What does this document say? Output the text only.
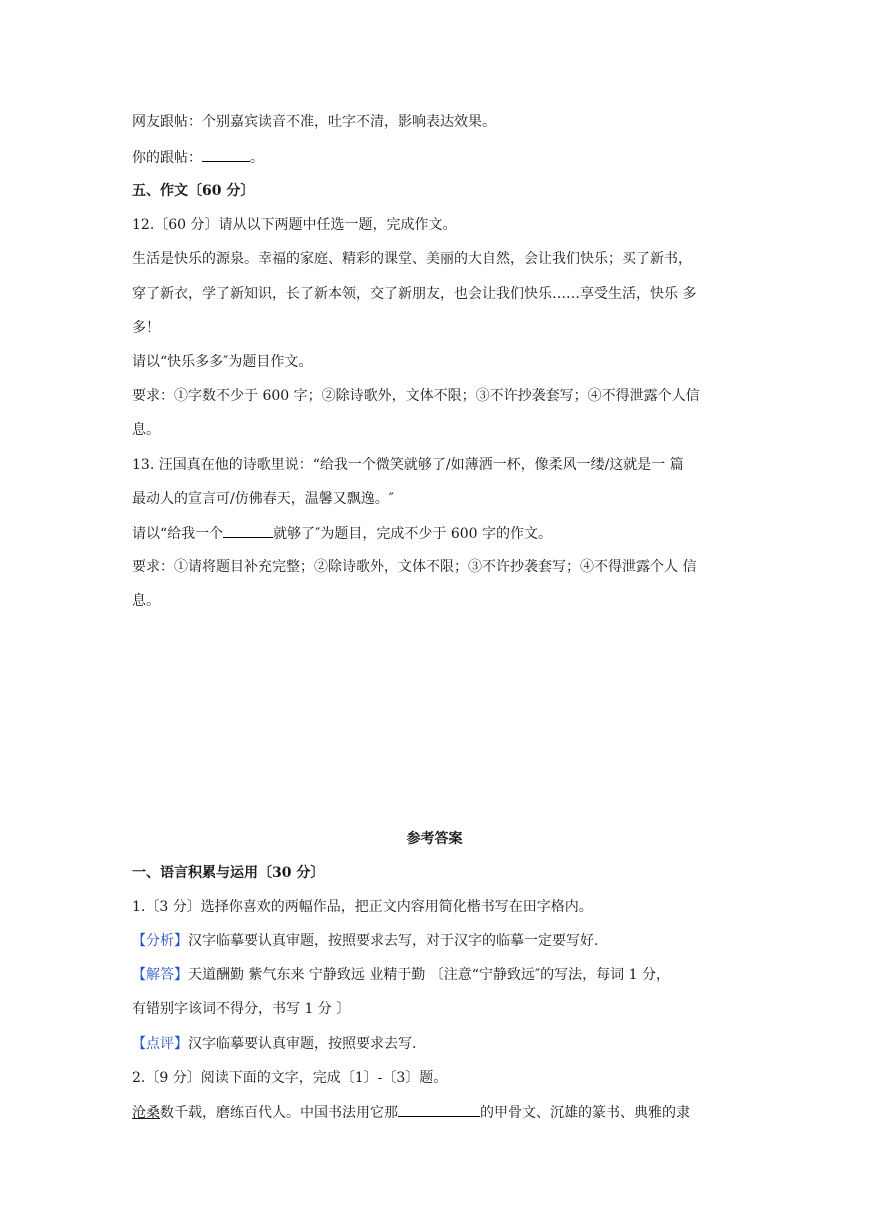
网友跟帖：个别嘉宾读音不准，吐字不清，影响表达效果。
你的跟帖：	。
五、作文〔60 分〕
12.〔60 分〕请从以下两题中任选一题，完成作文。
生活是快乐的源泉。幸福的家庭、精彩的课堂、美丽的大自然，会让我们快乐；买了新书，
穿了新衣，学了新知识，长了新本领，交了新朋友，也会让我们快乐……享受生活，快乐 多
多！
请以“快乐多多″为题目作文。
要求：①字数不少于 600 字；②除诗歌外，文体不限；③不许抄袭套写；④不得泄露个人信
息。
13. 汪国真在他的诗歌里说：“给我一个微笑就够了/如薄洒一杯，像柔风一缕/这就是一 篇
最动人的宣言可/仿佛春天，温馨又飘逸。″
请以“给我一个	就够了″为题目，完成不少于 600 字的作文。
要求：①请将题目补充完整；②除诗歌外，文体不限；③不许抄袭套写；④不得泄露个人 信
息。
参考答案
一、语言积累与运用〔30 分〕
1.〔3 分〕选择你喜欢的两幅作品，把正文内容用简化楷书写在田字格内。
【分析】汉字临摹要认真审题，按照要求去写，对于汉字的临摹一定要写好.
【解答】天道酬勤 紫气东来 宁静致远 业精于勤 〔注意“宁静致远″的写法，每词 1 分，
有错别字该词不得分，书写 1 分 〕
【点评】汉字临摹要认真审题，按照要求去写.
2.〔9 分〕阅读下面的文字，完成〔1〕-〔3〕题。
沧桑数千载，磨练百代人。中国书法用它那	的甲骨文、沉雄的篆书、典雅的隶
